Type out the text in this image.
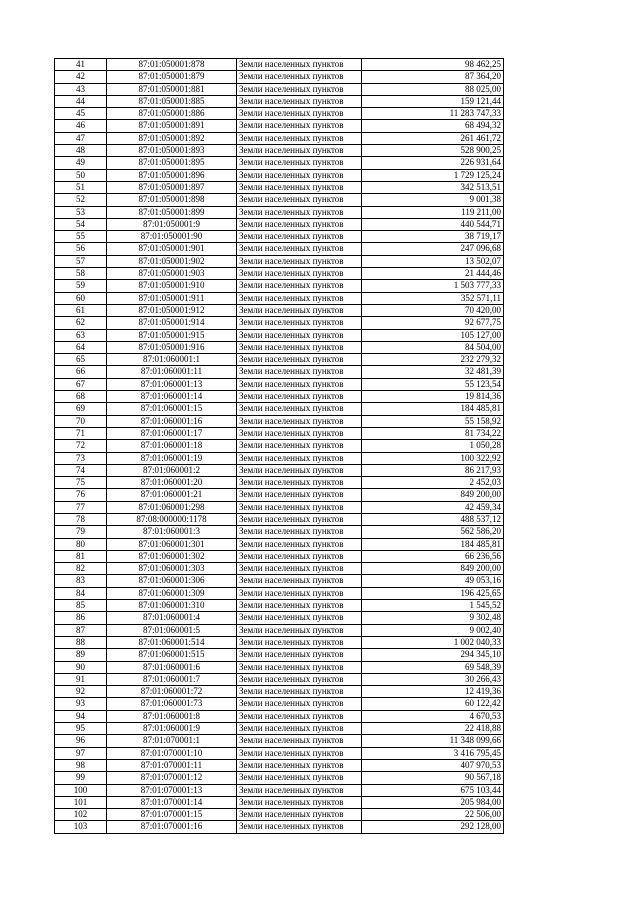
41	87:01:050001:878	Земли населенных пунктов	98 462,25
42	87:01:050001:879	Земли населенных пунктов	87 364,20
43	87:01:050001:881	Земли населенных пунктов	88 025,00
44	87:01:050001:885	Земли населенных пунктов	159 121,44
45	87:01:050001:886	Земли населенных пунктов	11 283 747,33
46	87:01:050001:891	Земли населенных пунктов	68 494,32
47	87:01:050001:892	Земли населенных пунктов	261 461,72
48	87:01:050001:893	Земли населенных пунктов	528 900,25
49	87:01:050001:895	Земли населенных пунктов	226 931,64
50	87:01:050001:896	Земли населенных пунктов	1 729 125,24
51	87:01:050001:897	Земли населенных пунктов	342 513,51
52	87:01:050001:898	Земли населенных пунктов	9 001,38
53	87:01:050001:899	Земли населенных пунктов	119 211,00
54	87:01:050001:9	Земли населенных пунктов	440 544,71
55	87:01:050001:90	Земли населенных пунктов	38 719,17
56	87:01:050001:901	Земли населенных пунктов	247 096,68
57	87:01:050001:902	Земли населенных пунктов	13 502,07
58	87:01:050001:903	Земли населенных пунктов	21 444,46
59	87:01:050001:910	Земли населенных пунктов	1 503 777,33
60	87:01:050001:911	Земли населенных пунктов	352 571,11
61	87:01:050001:912	Земли населенных пунктов	70 420,00
62	87:01:050001:914	Земли населенных пунктов	92 677,75
63	87:01:050001:915	Земли населенных пунктов	105 127,00
64	87:01:050001:916	Земли населенных пунктов	84 504,00
65	87:01:060001:1	Земли населенных пунктов	232 279,32
66	87:01:060001:11	Земли населенных пунктов	32 481,39
67	87:01:060001:13	Земли населенных пунктов	55 123,54
68	87:01:060001:14	Земли населенных пунктов	19 814,36
69	87:01:060001:15	Земли населенных пунктов	184 485,81
70	87:01:060001:16	Земли населенных пунктов	55 158,92
71	87:01:060001:17	Земли населенных пунктов	81 734,22
72	87:01:060001:18	Земли населенных пунктов	1 050,28
73	87:01:060001:19	Земли населенных пунктов	100 322,92
74	87:01:060001:2	Земли населенных пунктов	86 217,93
75	87:01:060001:20	Земли населенных пунктов	2 452,03
76	87:01:060001:21	Земли населенных пунктов	849 200,00
77	87:01:060001:298	Земли населенных пунктов	42 459,34
78	87:08:000000:1178	Земли населенных пунктов	488 537,12
79	87:01:060001:3	Земли населенных пунктов	562 586,20
80	87:01:060001:301	Земли населенных пунктов	184 485,81
81	87:01:060001:302	Земли населенных пунктов	66 236,56
82	87:01:060001:303	Земли населенных пунктов	849 200,00
83	87:01:060001:306	Земли населенных пунктов	49 053,16
84	87:01:060001:309	Земли населенных пунктов	196 425,65
85	87:01:060001:310	Земли населенных пунктов	1 545,52
86	87:01:060001:4	Земли населенных пунктов	9 302,48
87	87:01:060001:5	Земли населенных пунктов	9 002,40
88	87:01:060001:514	Земли населенных пунктов	1 002 040,33
89	87:01:060001:515	Земли населенных пунктов	294 345,10
90	87:01:060001:6	Земли населенных пунктов	69 548,39
91	87:01:060001:7	Земли населенных пунктов	30 266,43
92	87:01:060001:72	Земли населенных пунктов	12 419,36
93	87:01:060001:73	Земли населенных пунктов	60 122,42
94	87:01:060001:8	Земли населенных пунктов	4 670,53
95	87:01:060001:9	Земли населенных пунктов	22 418,88
96	87:01:070001:1	Земли населенных пунктов	11 348 099,66
97	87:01:070001:10	Земли населенных пунктов	3 416 795,45
98	87:01:070001:11	Земли населенных пунктов	407 970,53
99	87:01:070001:12	Земли населенных пунктов	90 567,18
100	87:01:070001:13	Земли населенных пунктов	675 103,44
101	87:01:070001:14	Земли населенных пунктов	205 984,00
102	87:01:070001:15	Земли населенных пунктов	22 506,00
103	87:01:070001:16	Земли населенных пунктов	292 128,00
